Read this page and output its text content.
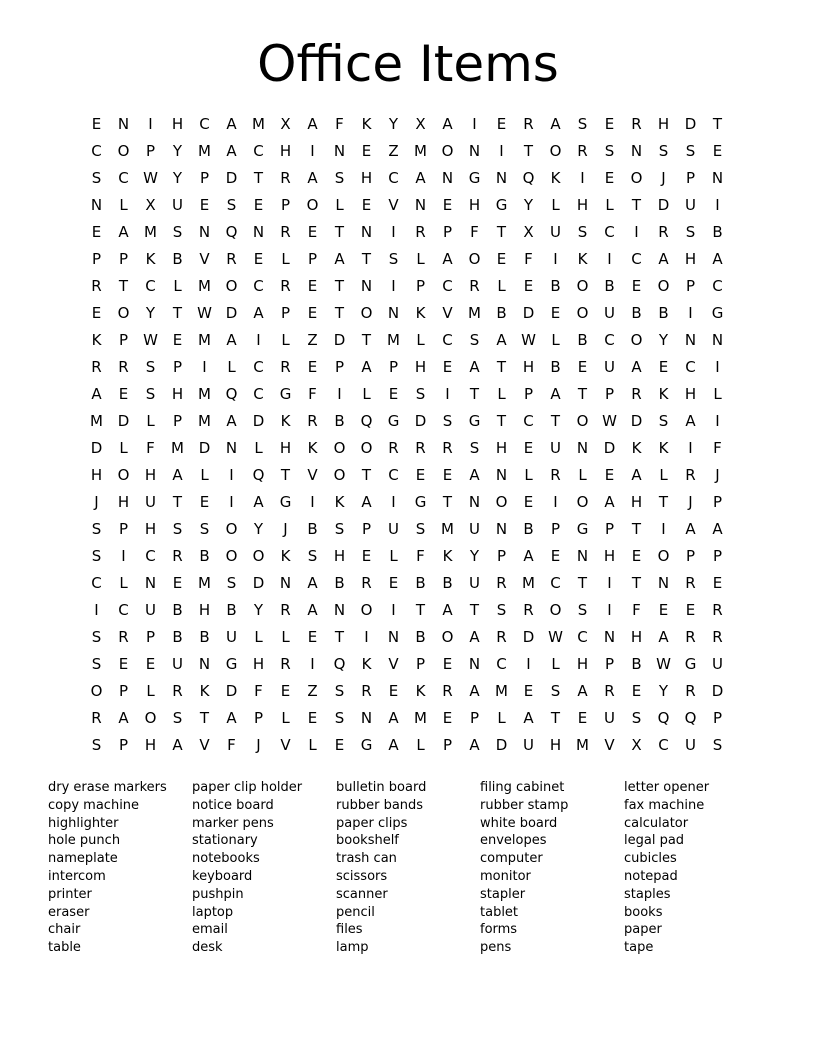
Office Items
E	N	I	H	C	A	M	X	A	F	K	Y	X	A	I	E	R	A	S	E	R	H	D	T
C	O	P	Y	M	A	C	H	I	N	E	Z	M O	N	I	T	O	R	S	N	S	S	E
S	C W Y	P	D	T	R	A	S	H	C	A	N	G	N	Q	K	I	E	O	J	P	N
N	L	X	U	E	S	E	P	O	L	E	V	N	E	H	G	Y	L	H	L	T	D	U	I
E	A	M	S	N	Q	N	R	E	T	N	I	R	P	F	T	X	U	S	C	I	R	S	B
P	P	K	B	V	R	E	L	P	A	T	S	L	A	O	E	F	I	K	I	C	A	H	A
R	T	C	L	M O	C	R	E	T	N	I	P	C	R	L	E	B	O	B	E	O	P	C
E	O	Y	T	W D	A	P	E	T	O	N	K	V	M	B	D	E	O	U	B	B	I	G
K	P	W E	M	A	I	L	Z	D	T	M	L	C	S	A W	L	B	C	O	Y	N	N
R	R	S	P	I	L	C	R	E	P	A	P	H	E	A	T	H	B	E	U	A	E	C	I
A	E	S	H M Q	C	G	F	I	L	E	S	I	T	L	P	A	T	P	R	K	H	L
M D	L	P	M	A	D	K	R	B	Q	G	D	S	G	T	C	T	O W D	S	A	I
D	L	F	M D	N	L	H	K	O	O	R	R	R	S	H	E	U	N	D	K	K	I	F
H	O	H	A	L	I	Q	T	V	O	T	C	E	E	A	N	L	R	L	E	A	L	R	J
J	H	U	T	E	I	A	G	I	K	A	I	G	T	N	O	E	I	O	A	H	T	J	P
S	P	H	S	S	O	Y	J	B	S	P	U	S	M	U	N	B	P	G	P	T	I	A	A
S	I	C	R	B	O	O	K	S	H	E	L	F	K	Y	P	A	E	N	H	E	O	P	P
C	L	N	E	M	S	D	N	A	B	R	E	B	B	U	R	M	C	T	I	T	N	R	E
I	C	U	B	H	B	Y	R	A	N	O	I	T	A	T	S	R	O	S	I	F	E	E	R
S	R	P	B	B	U	L	L	E	T	I	N	B	O	A	R	D W C	N	H	A	R	R
S	E	E	U	N	G	H	R	I	Q	K	V	P	E	N	C	I	L	H	P	B W G	U
O	P	L	R	K	D	F	E	Z	S	R	E	K	R	A	M	E	S	A	R	E	Y	R	D
R	A	O	S	T	A	P	L	E	S	N	A	M	E	P	L	A	T	E	U	S	Q	Q	P
S	P	H	A	V	F	J	V	L	E	G	A	L	P	A	D	U	H M	V	X	C	U	S
dry erase markers
copy machine
highlighter
hole punch
nameplate
intercom
printer
eraser
chair
table
paper clip holder
notice board
marker pens
stationary
notebooks
keyboard
pushpin
laptop
email
desk
bulletin board
rubber bands
paper clips
bookshelf
trash can
scissors
scanner
pencil
files
lamp
filing cabinet
rubber stamp
white board
envelopes
computer
monitor
stapler
tablet
forms
pens
letter opener
fax machine
calculator
legal pad
cubicles
notepad
staples
books
paper
tape
